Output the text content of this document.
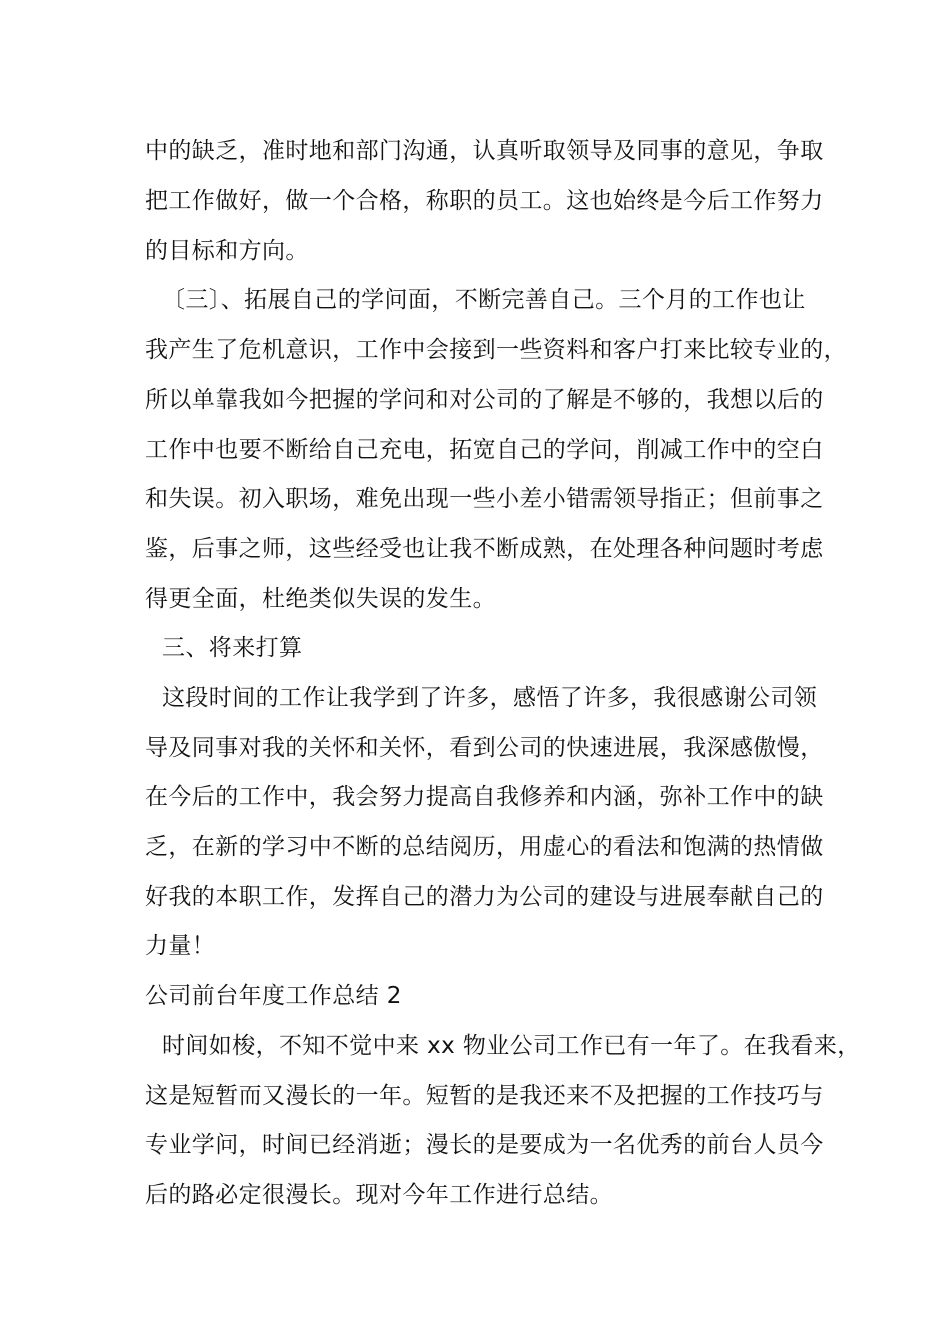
中的缺乏，准时地和部门沟通，认真听取领导及同事的意见，争取
把工作做好，做一个合格，称职的员工。这也始终是今后工作努力
的目标和方向。
〔三〕、拓展自己的学问面，不断完善自己。三个月的工作也让
我产生了危机意识，工作中会接到一些资料和客户打来比较专业的，
所以单靠我如今把握的学问和对公司的了解是不够的，我想以后的
工作中也要不断给自己充电，拓宽自己的学问，削减工作中的空白
和失误。初入职场，难免出现一些小差小错需领导指正；但前事之
鉴，后事之师，这些经受也让我不断成熟，在处理各种问题时考虑
得更全面，杜绝类似失误的发生。
三、将来打算
这段时间的工作让我学到了许多，感悟了许多，我很感谢公司领
导及同事对我的关怀和关怀，看到公司的快速进展，我深感傲慢，
在今后的工作中，我会努力提高自我修养和内涵，弥补工作中的缺
乏，在新的学习中不断的总结阅历，用虚心的看法和饱满的热情做
好我的本职工作，发挥自己的潜力为公司的建设与进展奉献自己的
力量！
公司前台年度工作总结 2
时间如梭，不知不觉中来 xx 物业公司工作已有一年了。在我看来，
这是短暂而又漫长的一年。短暂的是我还来不及把握的工作技巧与
专业学问，时间已经消逝；漫长的是要成为一名优秀的前台人员今
后的路必定很漫长。现对今年工作进行总结。
